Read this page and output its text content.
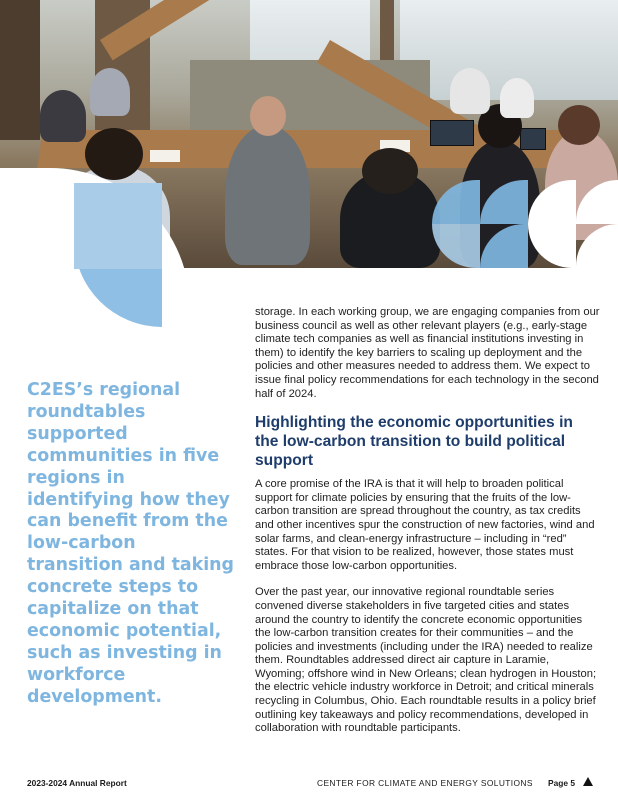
C2ES’s regional roundtables supported communities in five regions in identifying how they can benefit from the low-carbon transition and taking concrete steps to capitalize on that economic potential, such as investing in workforce development.

storage. In each working group, we are engaging companies from our business council as well as other relevant players (e.g., early-stage climate tech companies as well as financial institutions investing in them) to identify the key barriers to scaling up deployment and the policies and other measures needed to address them. We expect to issue final policy recommendations for each technology in the second half of 2024.

Highlighting the economic opportunities in the low-carbon transition to build political support

A core promise of the IRA is that it will help to broaden political support for climate policies by ensuring that the fruits of the low-carbon transition are spread throughout the country, as tax credits and other incentives spur the construction of new factories, wind and solar farms, and clean-energy infrastructure – including in “red” states. For that vision to be realized, however, those states must embrace those low-carbon opportunities.

Over the past year, our innovative regional roundtable series convened diverse stakeholders in five targeted cities and states around the country to identify the concrete economic opportunities the low-carbon transition creates for their communities – and the policies and investments (including under the IRA) needed to realize them. Roundtables addressed direct air capture in Laramie, Wyoming; offshore wind in New Orleans; clean hydrogen in Houston; the electric vehicle industry workforce in Detroit; and critical minerals recycling in Columbus, Ohio. Each roundtable results in a policy brief outlining key takeaways and policy recommendations, developed in collaboration with roundtable participants.

2023-2024 Annual Report	CENTER FOR CLIMATE AND ENERGY SOLUTIONS Page 5
